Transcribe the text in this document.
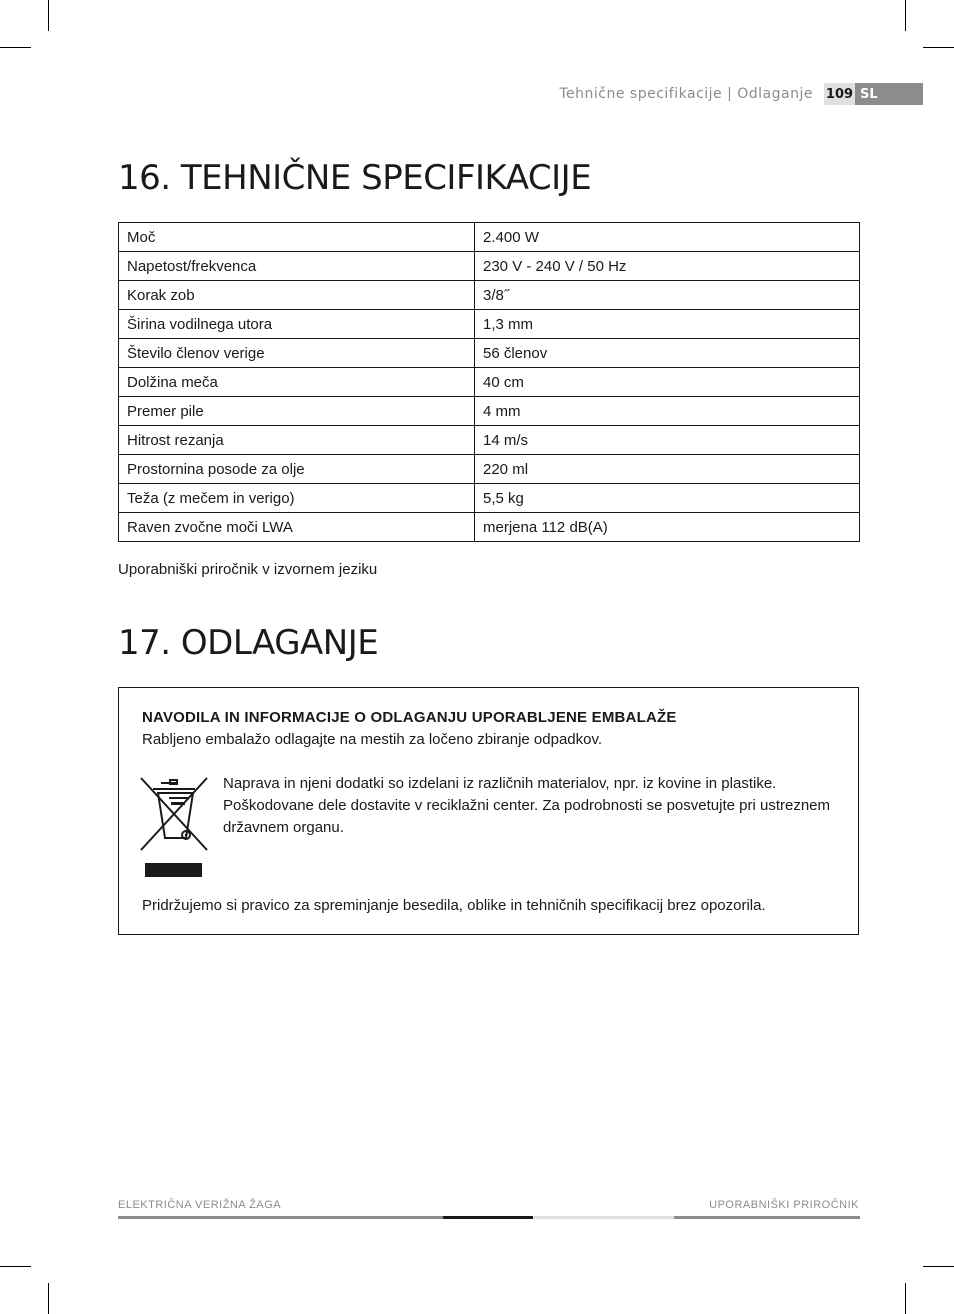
Tehnične specifikacije | Odlaganje 109 SL
16. TEHNIČNE SPECIFIKACIJE
Moč	2.400 W
Napetost/frekvenca	230 V - 240 V / 50 Hz
Korak zob	3/8˝
Širina vodilnega utora	1,3 mm
Število členov verige	56 členov
Dolžina meča	40 cm
Premer pile	4 mm
Hitrost rezanja	14 m/s
Prostornina posode za olje	220 ml
Teža (z mečem in verigo)	5,5 kg
Raven zvočne moči LWA	merjena 112 dB(A)
Uporabniški priročnik v izvornem jeziku
17. ODLAGANJE
NAVODILA IN INFORMACIJE O ODLAGANJU UPORABLJENE EMBALAŽE
Rabljeno embalažo odlagajte na mestih za ločeno zbiranje odpadkov.
Naprava in njeni dodatki so izdelani iz različnih materialov, npr. iz kovine in plastike. Poškodovane dele dostavite v reciklažni center. Za podrobnosti se posvetujte pri ustreznem državnem organu.
Pridržujemo si pravico za spreminjanje besedila, oblike in tehničnih specifikacij brez opozorila.
ELEKTRIČNA VERIŽNA ŽAGA	UPORABNIŠKI PRIROČNIK
